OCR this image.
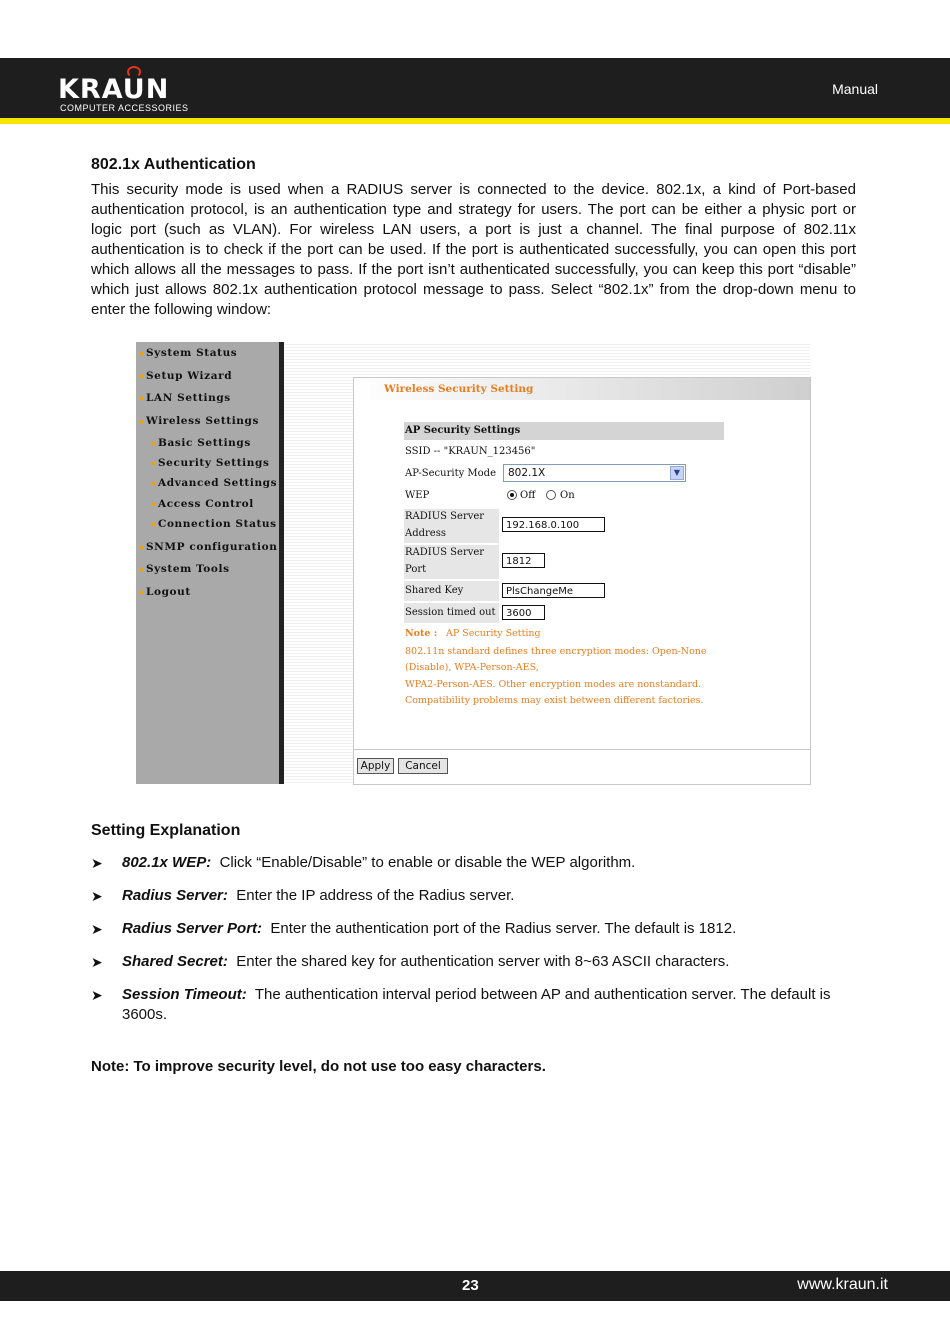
KRAUN
COMPUTER ACCESSORIES
Manual
802.1x Authentication
This security mode is used when a RADIUS server is connected to the device. 802.1x, a kind of Port-based authentication protocol, is an authentication type and strategy for users. The port can be either a physic port or logic port (such as VLAN). For wireless LAN users, a port is just a channel. The final purpose of 802.11x authentication is to check if the port can be used. If the port is authenticated successfully, you can open this port which allows all the messages to pass. If the port isn’t authenticated successfully, you can keep this port “disable” which just allows 802.1x authentication protocol message to pass. Select “802.1x” from the drop-down menu to enter the following window:
System Status
Setup Wizard
LAN Settings
Wireless Settings
Basic Settings
Security Settings
Advanced Settings
Access Control
Connection Status
SNMP configuration
System Tools
Logout
Wireless Security Setting
AP Security Settings
SSID -- "KRAUN_123456"
AP-Security Mode	802.1X	▼
WEP	Off On
RADIUS Server
Address
192.168.0.100
RADIUS Server
Port
1812
Shared Key	PlsChangeMe
Session timed out	3600
Note : AP Security Setting
802.11n standard defines three encryption modes: Open-None
(Disable), WPA-Person-AES,
WPA2-Person-AES. Other encryption modes are nonstandard.
Compatibility problems may exist between different factories.
Apply	Cancel
Setting Explanation
➤ 802.1x WEP: Click “Enable/Disable” to enable or disable the WEP algorithm.
➤ Radius Server: Enter the IP address of the Radius server.
➤ Radius Server Port: Enter the authentication port of the Radius server. The default is 1812.
➤ Shared Secret: Enter the shared key for authentication server with 8~63 ASCII characters.
➤ Session Timeout: The authentication interval period between AP and authentication server. The default is 3600s.
Note: To improve security level, do not use too easy characters.
23	www.kraun.it
